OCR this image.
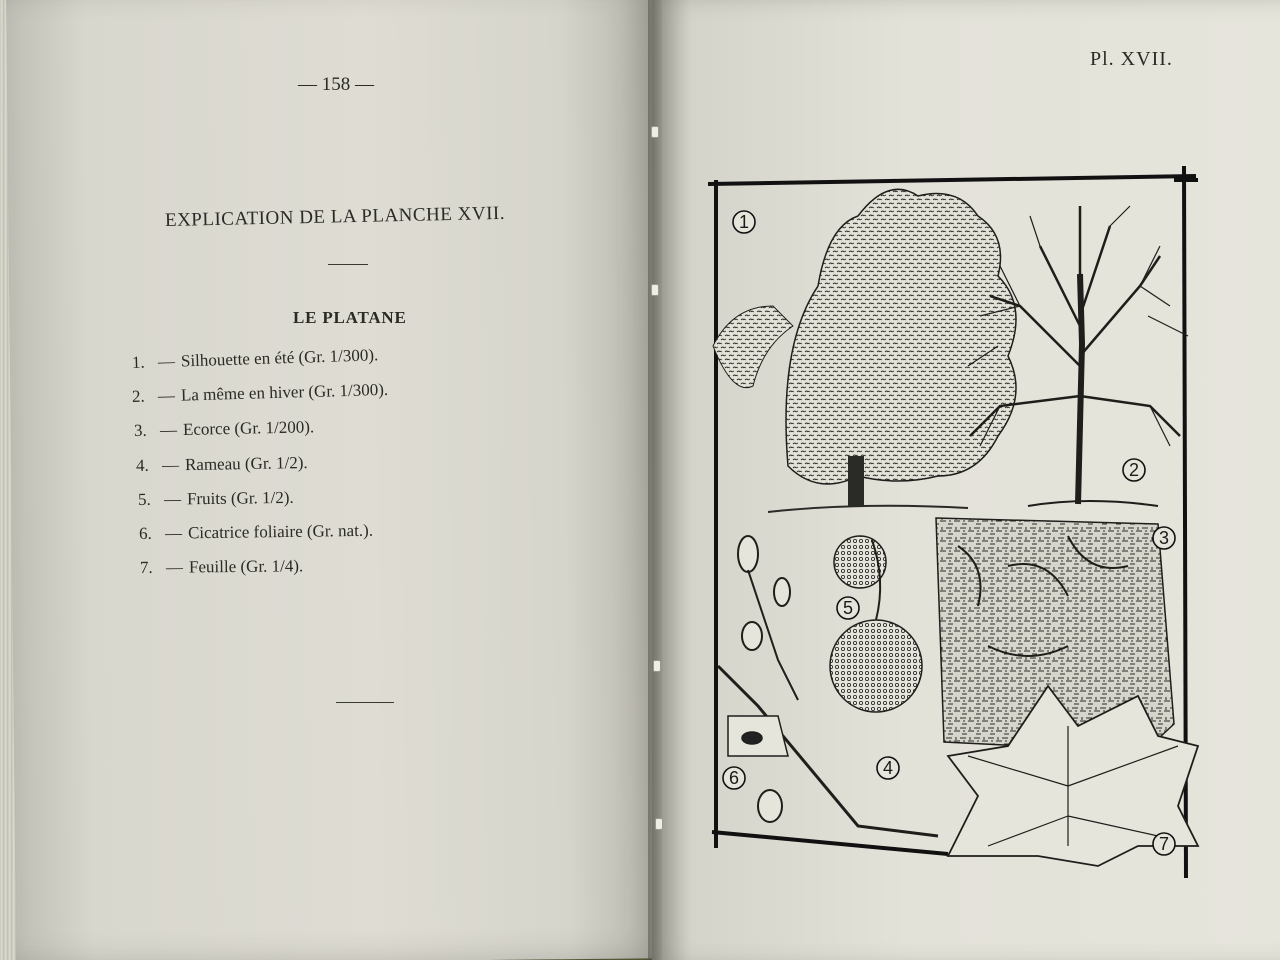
— 158 —
EXPLICATION DE LA PLANCHE XVII.
LE PLATANE
1. — Silhouette en été (Gr. 1/300).
2. — La même en hiver (Gr. 1/300).
3. — Ecorce (Gr. 1/200).
4. — Rameau (Gr. 1/2).
5. — Fruits (Gr. 1/2).
6. — Cicatrice foliaire (Gr. nat.).
7. — Feuille (Gr. 1/4).
Pl. XVII.
1
2
3
4
5
6
7
